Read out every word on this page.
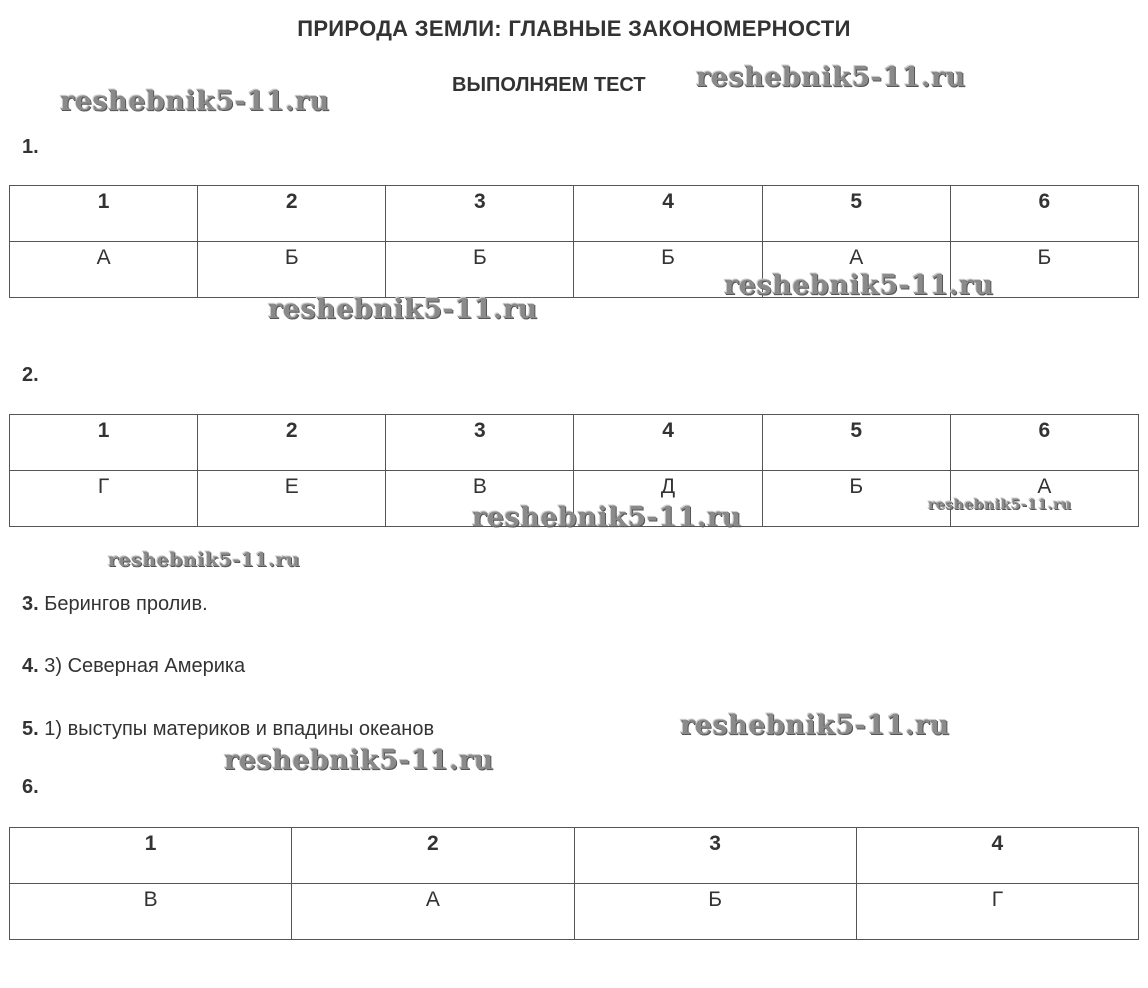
ПРИРОДА ЗЕМЛИ: ГЛАВНЫЕ ЗАКОНОМЕРНОСТИ
ВЫПОЛНЯЕМ ТЕСТ
1.
1	2	3	4	5	6
А	Б	Б	Б	А	Б
2.
1	2	3	4	5	6
Г	Е	В	Д	Б	А
3. Берингов пролив.
4. 3) Северная Америка
5. 1) выступы материков и впадины океанов
6.
1	2	3	4
В	А	Б	Г
reshebnik5-11.ru
reshebnik5-11.ru
reshebnik5-11.ru
reshebnik5-11.ru
reshebnik5-11.ru	reshebnik5-11.ru
reshebnik5-11.ru
reshebnik5-11.ru
reshebnik5-11.ru
